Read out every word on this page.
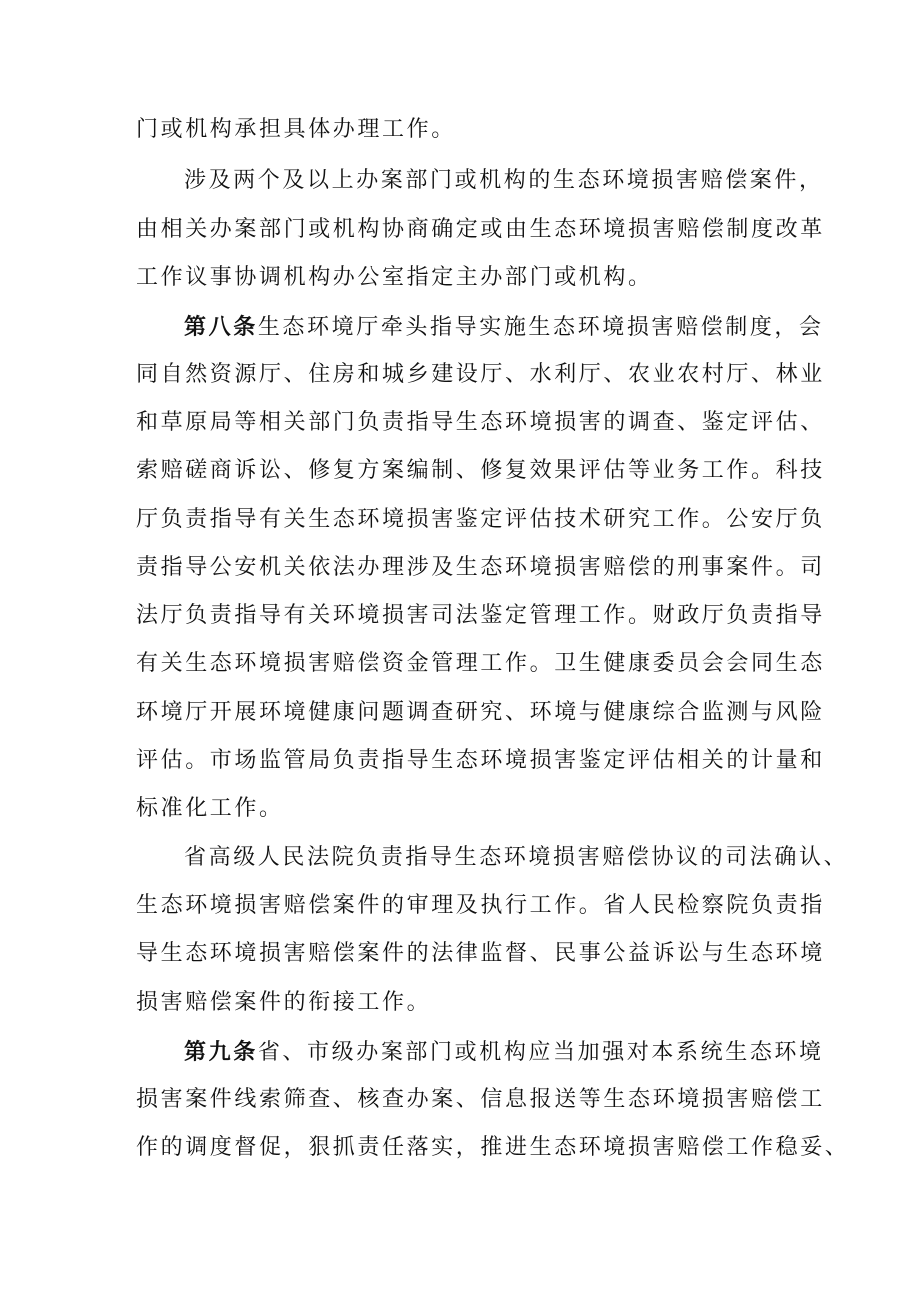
门或机构承担具体办理工作。
涉及两个及以上办案部门或机构的生态环境损害赔偿案件，
由相关办案部门或机构协商确定或由生态环境损害赔偿制度改革
工作议事协调机构办公室指定主办部门或机构。
第八条生态环境厅牵头指导实施生态环境损害赔偿制度，会
同自然资源厅、住房和城乡建设厅、水利厅、农业农村厅、林业
和草原局等相关部门负责指导生态环境损害的调查、鉴定评估、
索赔磋商诉讼、修复方案编制、修复效果评估等业务工作。科技
厅负责指导有关生态环境损害鉴定评估技术研究工作。公安厅负
责指导公安机关依法办理涉及生态环境损害赔偿的刑事案件。司
法厅负责指导有关环境损害司法鉴定管理工作。财政厅负责指导
有关生态环境损害赔偿资金管理工作。卫生健康委员会会同生态
环境厅开展环境健康问题调查研究、环境与健康综合监测与风险
评估。市场监管局负责指导生态环境损害鉴定评估相关的计量和
标准化工作。
省高级人民法院负责指导生态环境损害赔偿协议的司法确认、
生态环境损害赔偿案件的审理及执行工作。省人民检察院负责指
导生态环境损害赔偿案件的法律监督、民事公益诉讼与生态环境
损害赔偿案件的衔接工作。
第九条省、市级办案部门或机构应当加强对本系统生态环境
损害案件线索筛查、核查办案、信息报送等生态环境损害赔偿工
作的调度督促，狠抓责任落实，推进生态环境损害赔偿工作稳妥、
